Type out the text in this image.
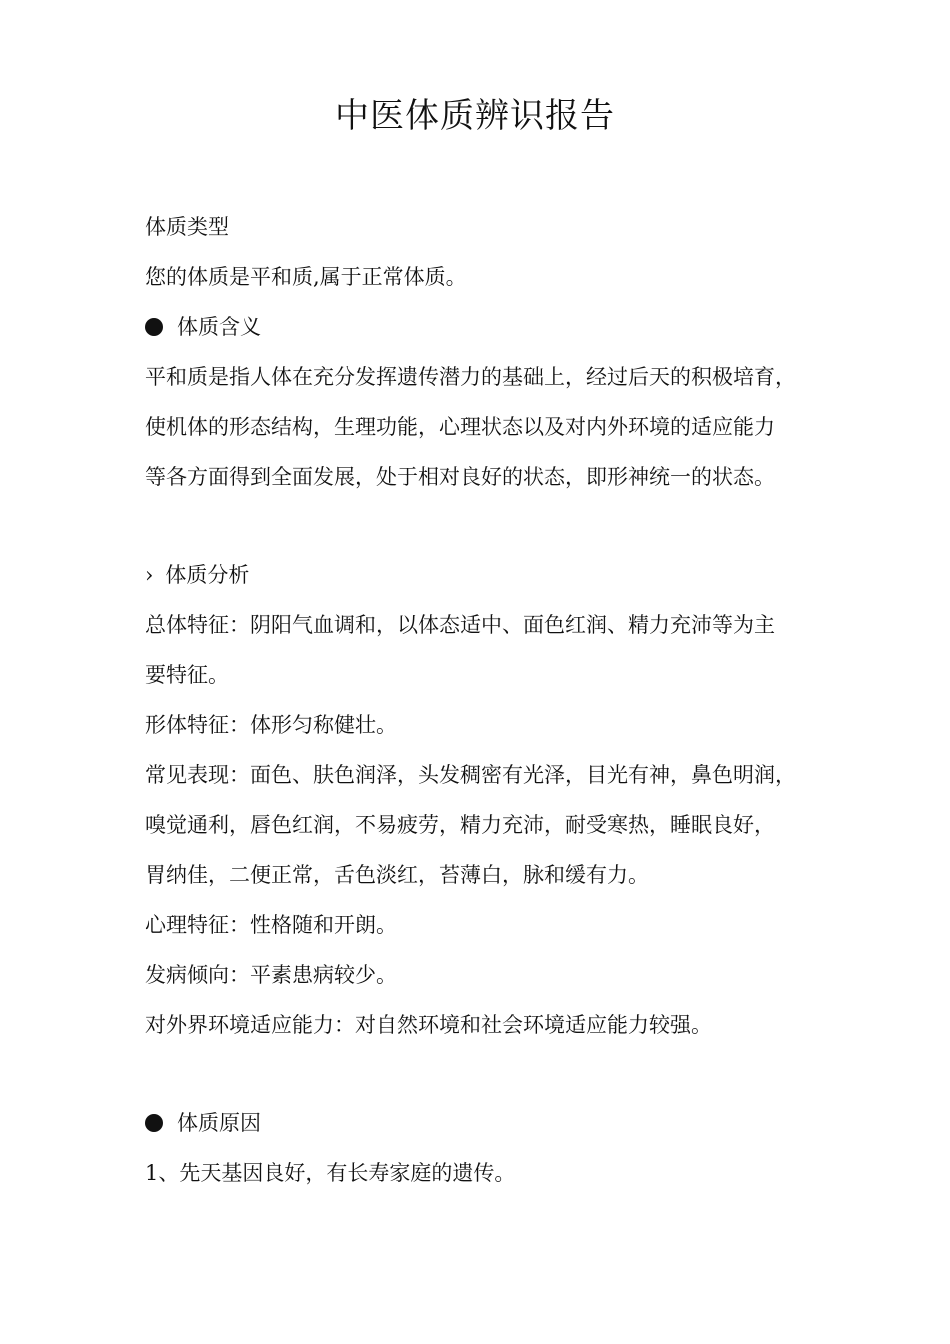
中医体质辨识报告
体质类型
您的体质是平和质,属于正常体质。
体质含义
平和质是指人体在充分发挥遗传潜力的基础上，经过后天的积极培育，
使机体的形态结构，生理功能，心理状态以及对内外环境的适应能力
等各方面得到全面发展，处于相对良好的状态，即形神统一的状态。
› 体质分析
总体特征：阴阳气血调和，以体态适中、面色红润、精力充沛等为主
要特征。
形体特征：体形匀称健壮。
常见表现：面色、肤色润泽，头发稠密有光泽，目光有神，鼻色明润，
嗅觉通利，唇色红润，不易疲劳，精力充沛，耐受寒热，睡眠良好，
胃纳佳，二便正常，舌色淡红，苔薄白，脉和缓有力。
心理特征：性格随和开朗。
发病倾向：平素患病较少。
对外界环境适应能力：对自然环境和社会环境适应能力较强。
体质原因
1、先天基因良好，有长寿家庭的遗传。
